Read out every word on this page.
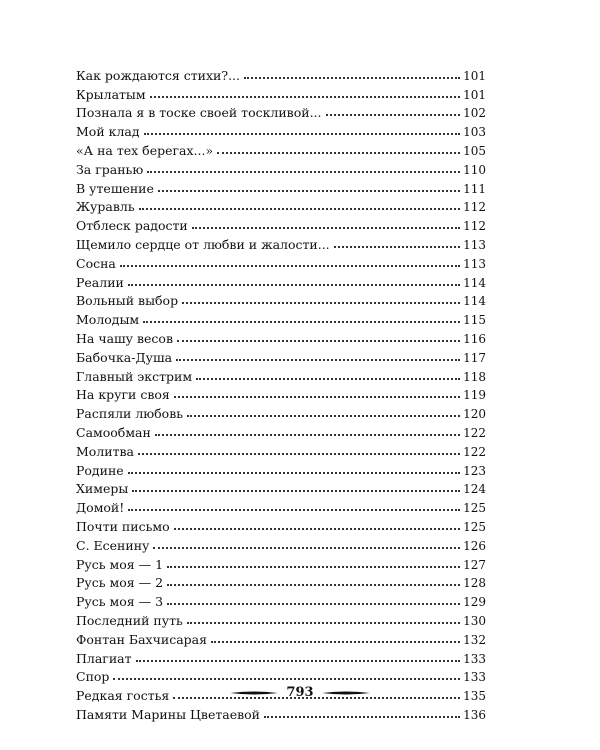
Как рождаются стихи?...	101
Крылатым	101
Познала я в тоске своей тоскливой...	102
Мой клад	103
«А на тех берегах...»	105
За гранью	110
В утешение	111
Журавль	112
Отблеск радости	112
Щемило сердце от любви и жалости...	113
Сосна	113
Реалии	114
Вольный выбор	114
Молодым	115
На чашу весов	116
Бабочка-Душа	117
Главный экстрим	118
На круги своя	119
Распяли любовь	120
Самообман	122
Молитва	122
Родине	123
Химеры	124
Домой!	125
Почти письмо	125
С. Есенину	126
Русь моя — 1	127
Русь моя — 2	128
Русь моя — 3	129
Последний путь	130
Фонтан Бахчисарая	132
Плагиат	133
Спор	133
Редкая гостья	135
Памяти Марины Цветаевой	136
793
